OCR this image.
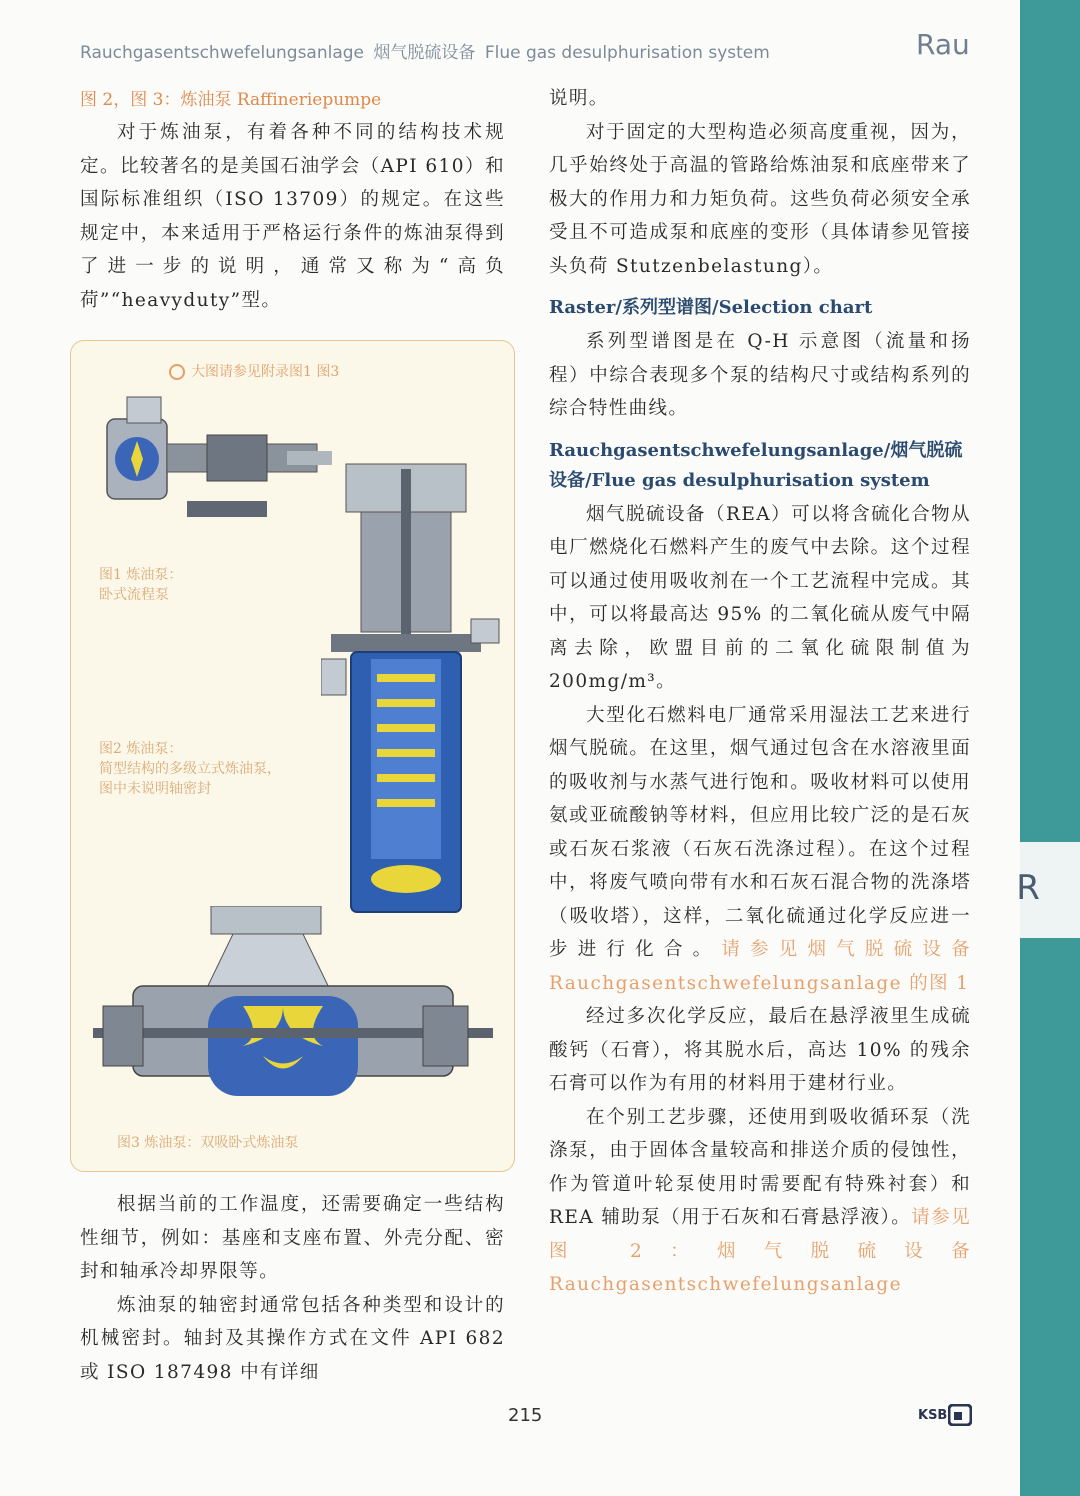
R
Rauchgasentschwefelungsanlage 烟气脱硫设备 Flue gas desulphurisation system	Rau
图 2，图 3：炼油泵 Raffineriepumpe

对于炼油泵，有着各种不同的结构技术规定。比较著名的是美国石油学会（API 610）和国际标准组织（ISO 13709）的规定。在这些规定中，本来适用于严格运行条件的炼油泵得到了进一步的说明，通常又称为“高负荷”“heavyduty”型。

大图请参见附录图1 图3
图1 炼油泵：
卧式流程泵
图2 炼油泵：
简型结构的多级立式炼油泵，
图中未说明轴密封
图3 炼油泵：双吸卧式炼油泵

根据当前的工作温度，还需要确定一些结构性细节，例如：基座和支座布置、外壳分配、密封和轴承冷却界限等。

炼油泵的轴密封通常包括各种类型和设计的机械密封。轴封及其操作方式在文件 API 682 或 ISO 187498 中有详细

说明。

对于固定的大型构造必须高度重视，因为，几乎始终处于高温的管路给炼油泵和底座带来了极大的作用力和力矩负荷。这些负荷必须安全承受且不可造成泵和底座的变形（具体请参见管接头负荷 Stutzenbelastung）。

Raster/系列型谱图/Selection chart

系列型谱图是在 Q-H 示意图（流量和扬程）中综合表现多个泵的结构尺寸或结构系列的综合特性曲线。

Rauchgasentschwefelungsanlage/烟气脱硫设备/Flue gas desulphurisation system

烟气脱硫设备（REA）可以将含硫化合物从电厂燃烧化石燃料产生的废气中去除。这个过程可以通过使用吸收剂在一个工艺流程中完成。其中，可以将最高达 95% 的二氧化硫从废气中隔离去除，欧盟目前的二氧化硫限制值为 200mg/m³。

大型化石燃料电厂通常采用湿法工艺来进行烟气脱硫。在这里，烟气通过包含在水溶液里面的吸收剂与水蒸气进行饱和。吸收材料可以使用氨或亚硫酸钠等材料，但应用比较广泛的是石灰或石灰石浆液（石灰石洗涤过程）。在这个过程中，将废气喷向带有水和石灰石混合物的洗涤塔（吸收塔），这样，二氧化硫通过化学反应进一步进行化合。请参见烟气脱硫设备 Rauchgasentschwefelungsanlage 的图 1

经过多次化学反应，最后在悬浮液里生成硫酸钙（石膏），将其脱水后，高达 10% 的残余石膏可以作为有用的材料用于建材行业。

在个别工艺步骤，还使用到吸收循环泵（洗涤泵，由于固体含量较高和排送介质的侵蚀性，作为管道叶轮泵使用时需要配有特殊衬套）和 REA 辅助泵（用于石灰和石膏悬浮液）。请参见图 2：烟气脱硫设备 Rauchgasentschwefelungsanlage

215	KSB
